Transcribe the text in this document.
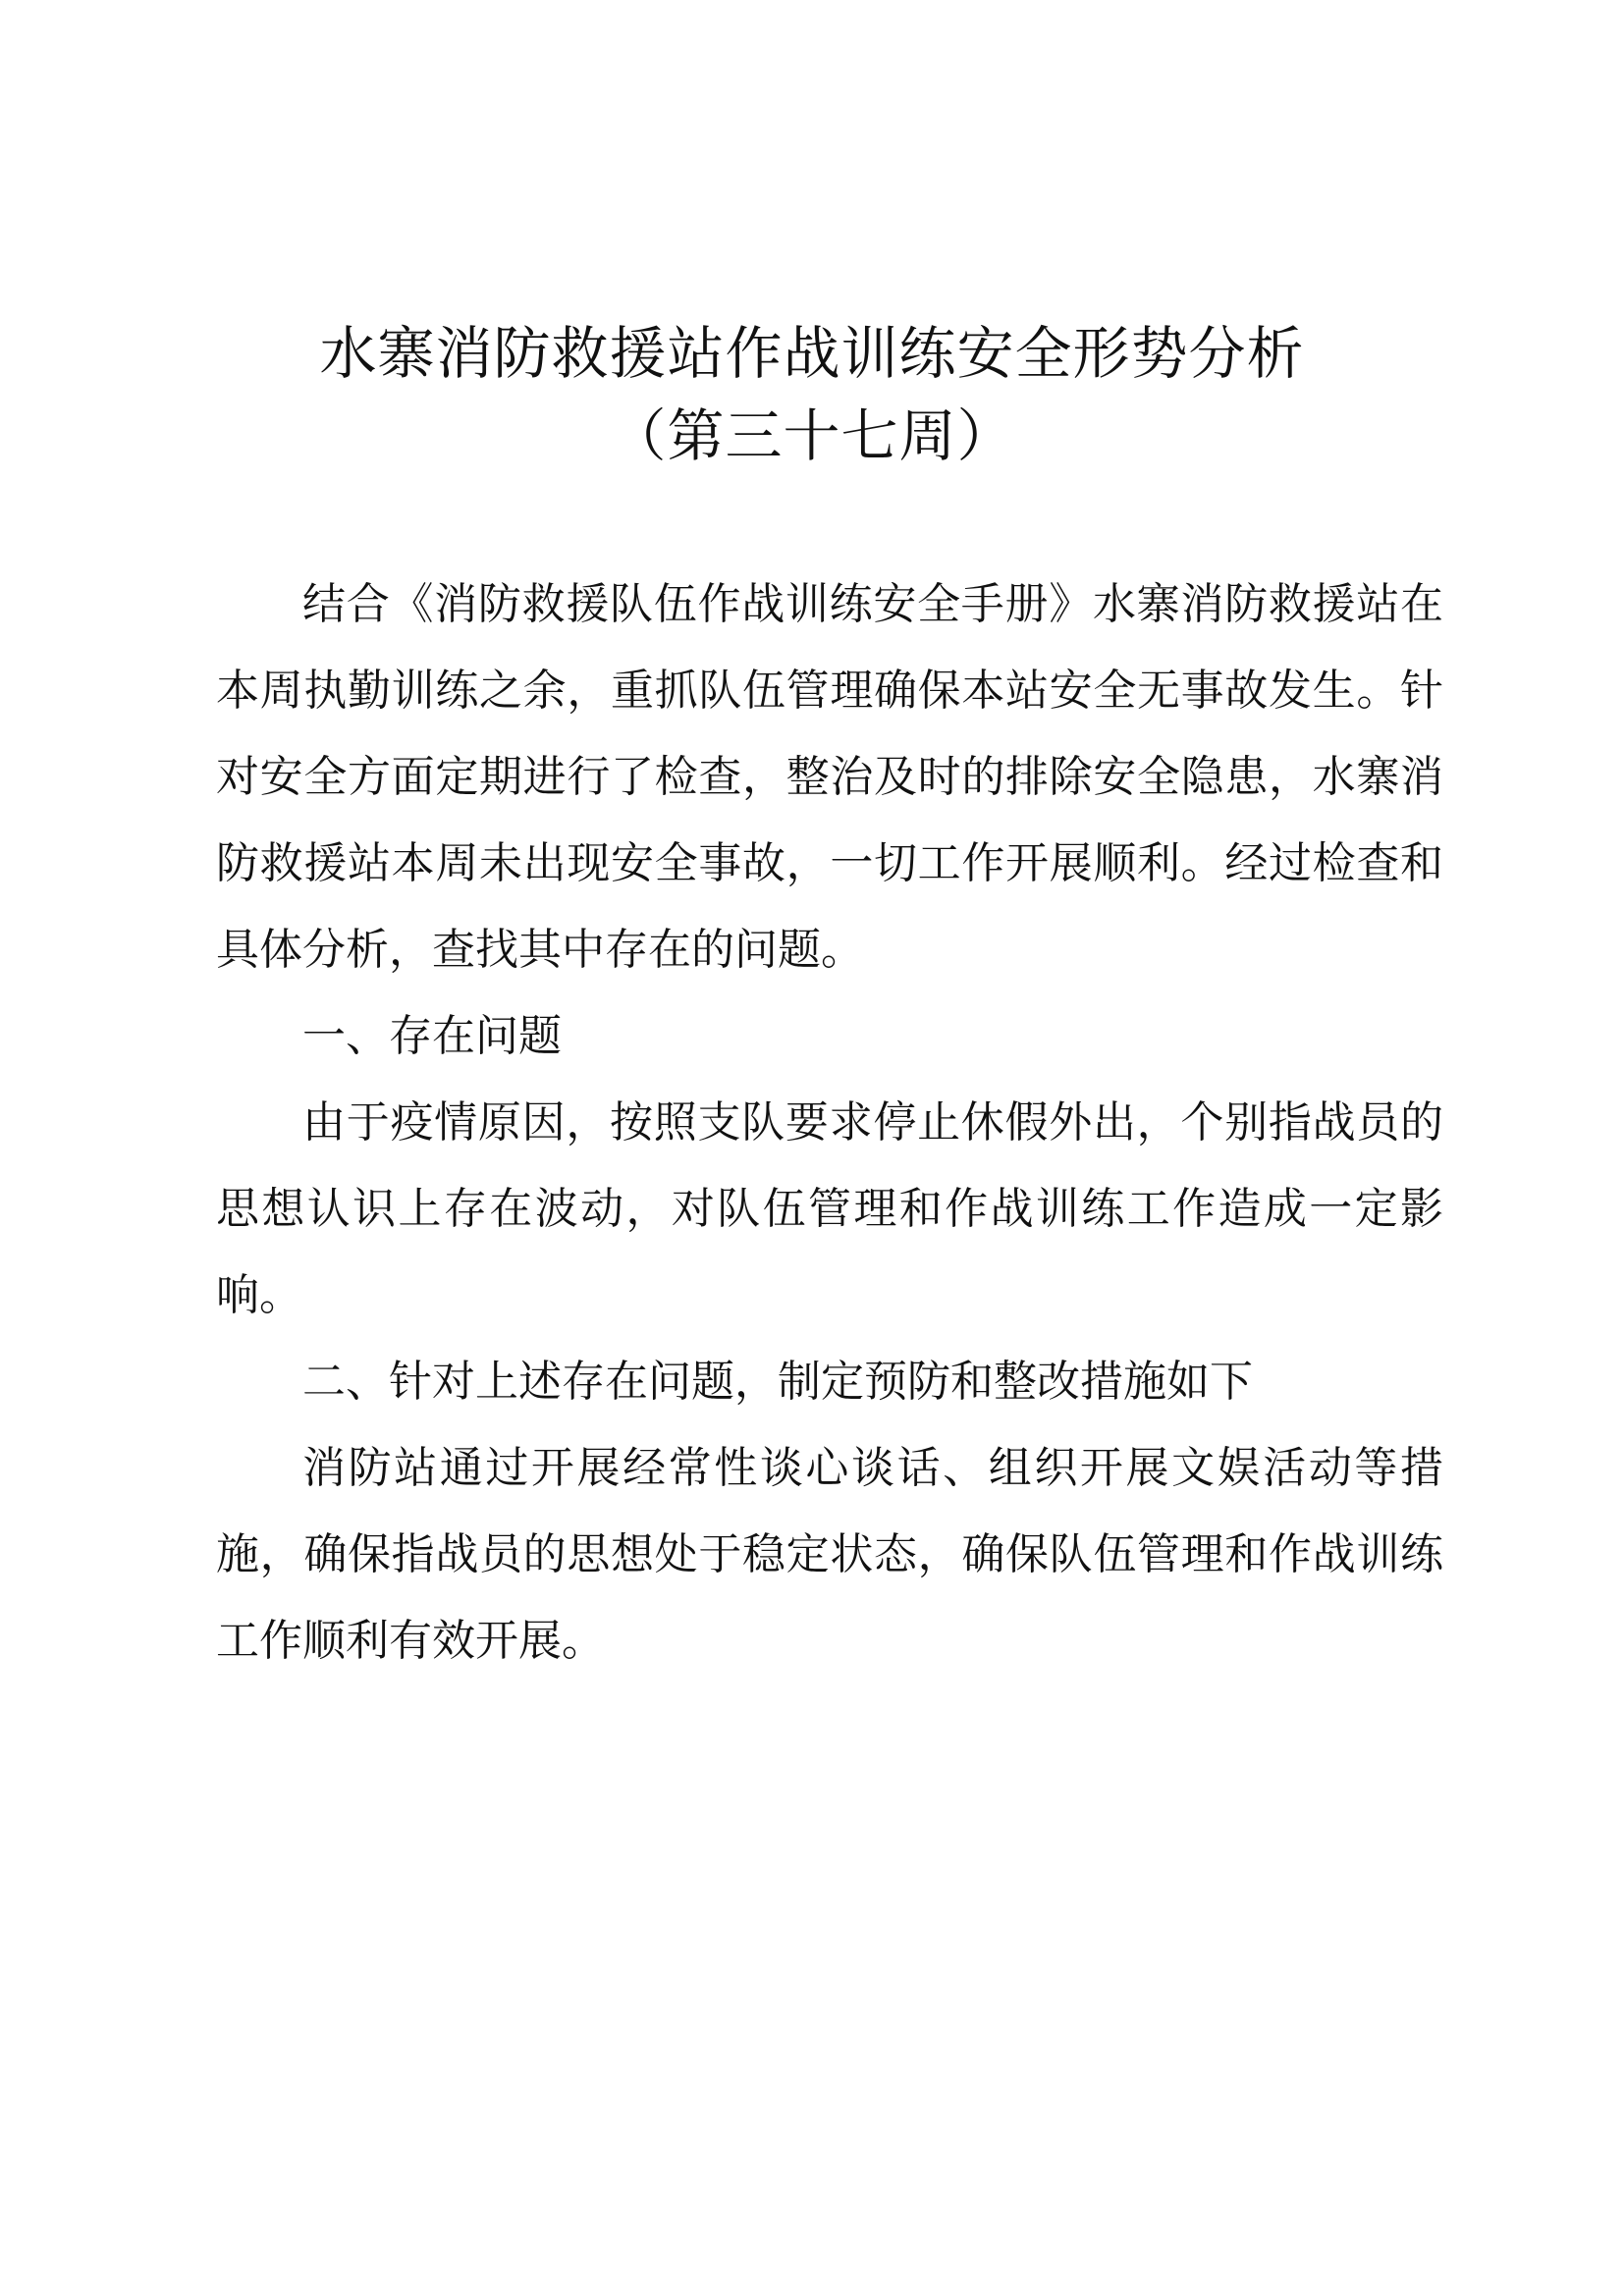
水寨消防救援站作战训练安全形势分析
（第三十七周）

结合《消防救援队伍作战训练安全手册》水寨消防救援站在本周执勤训练之余，重抓队伍管理确保本站安全无事故发生。针对安全方面定期进行了检查，整治及时的排除安全隐患，水寨消防救援站本周未出现安全事故，一切工作开展顺利。经过检查和具体分析，查找其中存在的问题。

一、存在问题

由于疫情原因，按照支队要求停止休假外出，个别指战员的思想认识上存在波动，对队伍管理和作战训练工作造成一定影响。

二、针对上述存在问题，制定预防和整改措施如下

消防站通过开展经常性谈心谈话、组织开展文娱活动等措施，确保指战员的思想处于稳定状态，确保队伍管理和作战训练工作顺利有效开展。
